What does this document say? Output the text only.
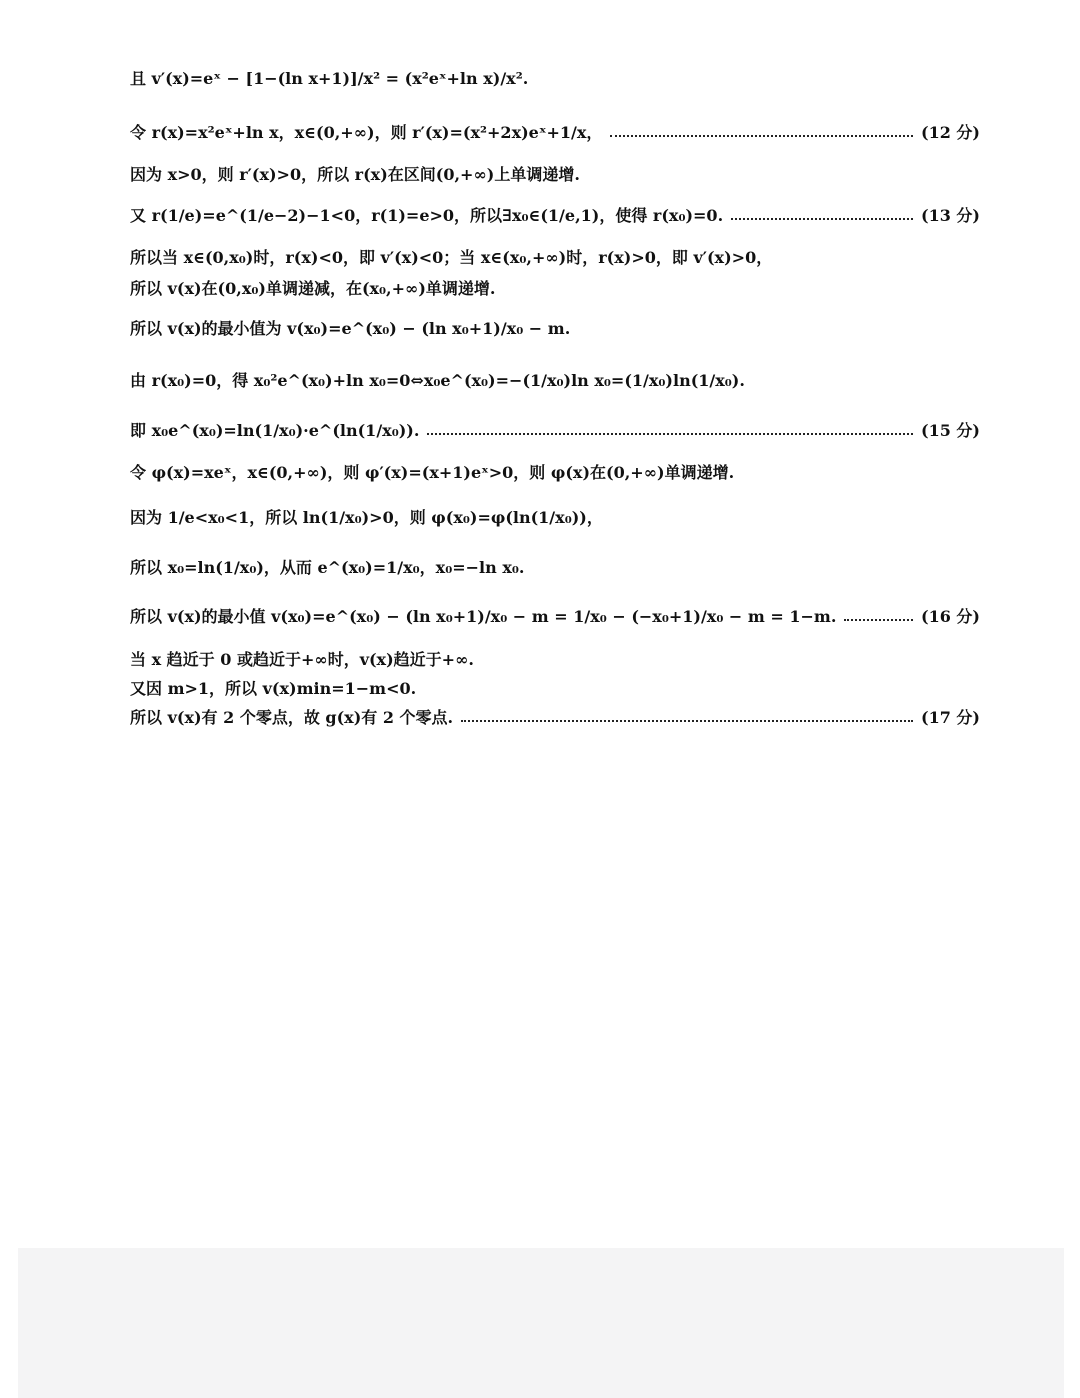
且 v′(x)=eˣ − [1−(ln x+1)]/x² = (x²eˣ+ln x)/x².
令 r(x)=x²eˣ+ln x，x∈(0,+∞)，则 r′(x)=(x²+2x)eˣ+1/x，	(12 分)
因为 x>0，则 r′(x)>0，所以 r(x)在区间(0,+∞)上单调递增.
又 r(1/e)=e^(1/e−2)−1<0，r(1)=e>0，所以∃x₀∈(1/e,1)，使得 r(x₀)=0.	(13 分)
所以当 x∈(0,x₀)时，r(x)<0，即 v′(x)<0；当 x∈(x₀,+∞)时，r(x)>0，即 v′(x)>0，
所以 v(x)在(0,x₀)单调递减，在(x₀,+∞)单调递增.
所以 v(x)的最小值为 v(x₀)=e^(x₀) − (ln x₀+1)/x₀ − m.
由 r(x₀)=0，得 x₀²e^(x₀)+ln x₀=0⇔x₀e^(x₀)=−(1/x₀)ln x₀=(1/x₀)ln(1/x₀).
即 x₀e^(x₀)=ln(1/x₀)·e^(ln(1/x₀)).	(15 分)
令 φ(x)=xeˣ，x∈(0,+∞)，则 φ′(x)=(x+1)eˣ>0，则 φ(x)在(0,+∞)单调递增.
因为 1/e<x₀<1，所以 ln(1/x₀)>0，则 φ(x₀)=φ(ln(1/x₀))，
所以 x₀=ln(1/x₀)，从而 e^(x₀)=1/x₀，x₀=−ln x₀.
所以 v(x)的最小值 v(x₀)=e^(x₀) − (ln x₀+1)/x₀ − m = 1/x₀ − (−x₀+1)/x₀ − m = 1−m.	(16 分)
当 x 趋近于 0 或趋近于+∞时，v(x)趋近于+∞.
又因 m>1，所以 v(x)min=1−m<0.
所以 v(x)有 2 个零点，故 g(x)有 2 个零点.	(17 分)
